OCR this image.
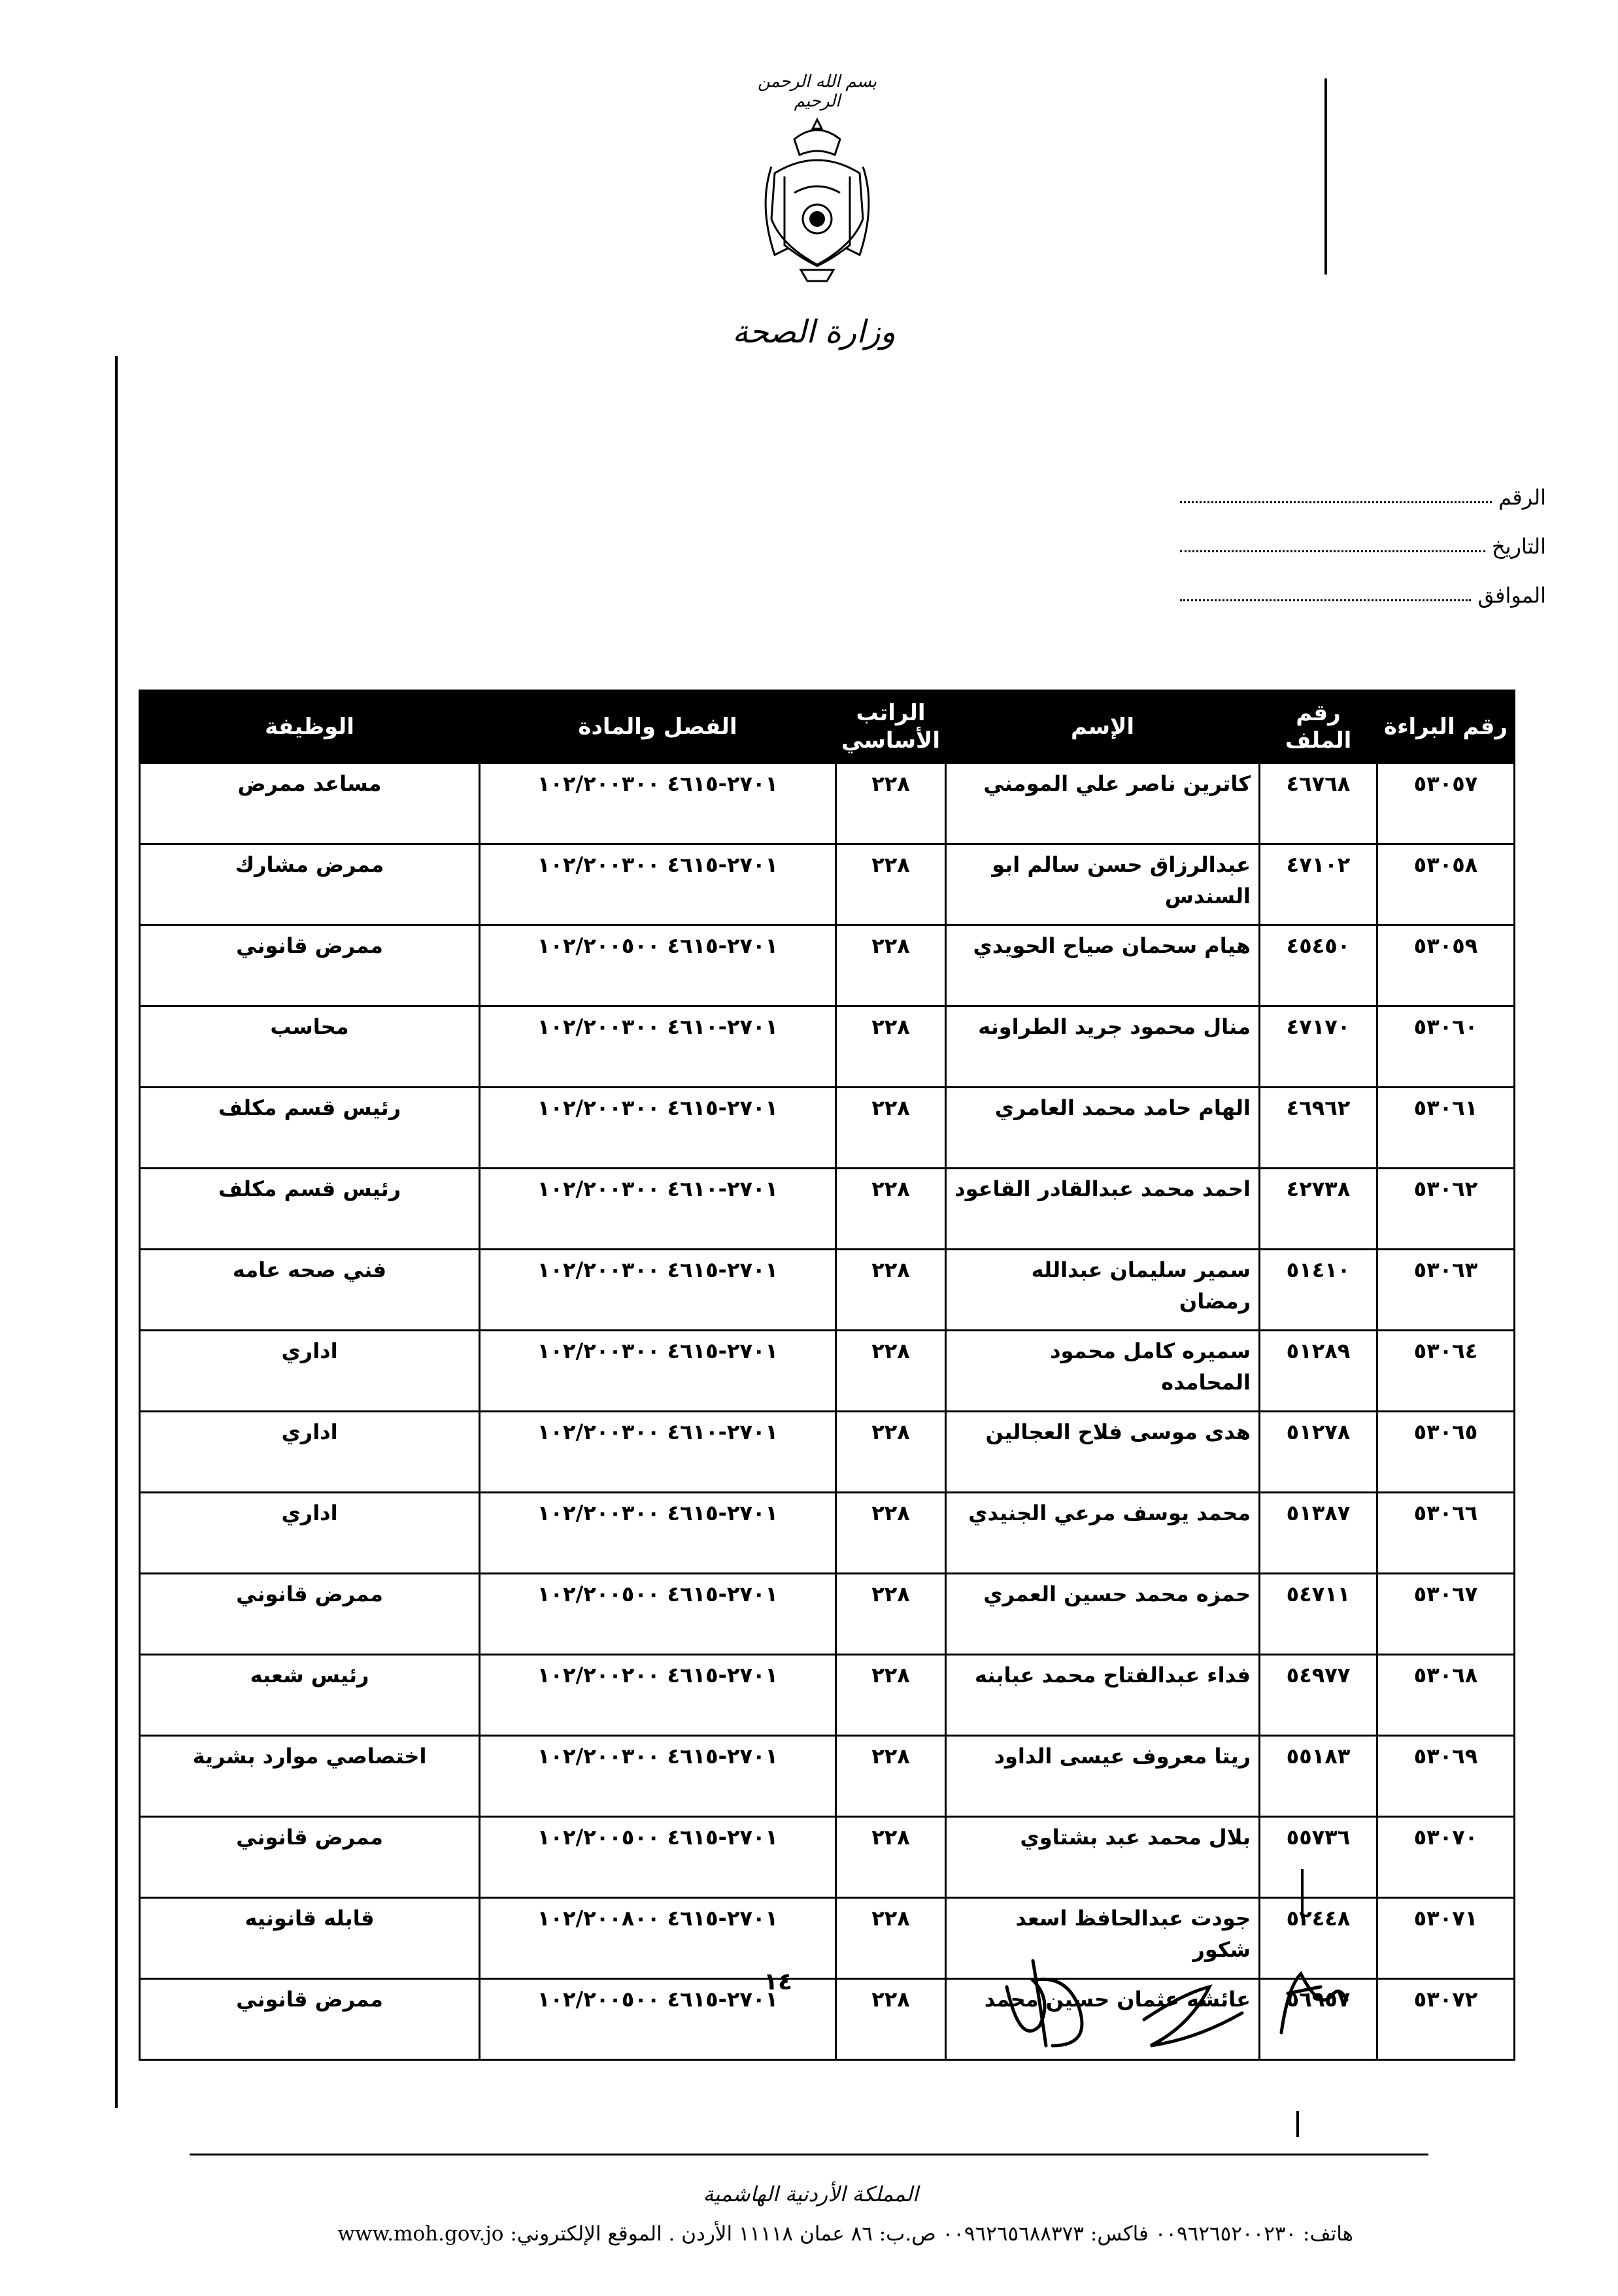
بسم الله الرحمن الرحيم
وزارة الصحة
الرقم
التاريخ
الموافق
رقم البراءة	رقم الملف	الإسم	الراتب الأساسي	الفصل والمادة	الوظيفة
٥٣٠٥٧	٤٦٧٦٨	كاترين ناصر علي المومني	٢٢٨	٢٧٠١-٤٦١٥ ١٠٢/٢٠٠٣٠٠	مساعد ممرض
٥٣٠٥٨	٤٧١٠٢	عبدالرزاق حسن سالم ابو السندس	٢٢٨	٢٧٠١-٤٦١٥ ١٠٢/٢٠٠٣٠٠	ممرض مشارك
٥٣٠٥٩	٤٥٤٥٠	هيام سحمان صياح الحويدي	٢٢٨	٢٧٠١-٤٦١٥ ١٠٢/٢٠٠٥٠٠	ممرض قانوني
٥٣٠٦٠	٤٧١٧٠	منال محمود جريد الطراونه	٢٢٨	٢٧٠١-٤٦١٠ ١٠٢/٢٠٠٣٠٠	محاسب
٥٣٠٦١	٤٦٩٦٢	الهام حامد محمد العامري	٢٢٨	٢٧٠١-٤٦١٥ ١٠٢/٢٠٠٣٠٠	رئيس قسم مكلف
٥٣٠٦٢	٤٢٧٣٨	احمد محمد عبدالقادر القاعود	٢٢٨	٢٧٠١-٤٦١٠ ١٠٢/٢٠٠٣٠٠	رئيس قسم مكلف
٥٣٠٦٣	٥١٤١٠	سمير سليمان عبدالله رمضان	٢٢٨	٢٧٠١-٤٦١٥ ١٠٢/٢٠٠٣٠٠	فني صحه عامه
٥٣٠٦٤	٥١٢٨٩	سميره كامل محمود المحامده	٢٢٨	٢٧٠١-٤٦١٥ ١٠٢/٢٠٠٣٠٠	اداري
٥٣٠٦٥	٥١٢٧٨	هدى موسى فلاح العجالين	٢٢٨	٢٧٠١-٤٦١٠ ١٠٢/٢٠٠٣٠٠	اداري
٥٣٠٦٦	٥١٣٨٧	محمد يوسف مرعي الجنيدي	٢٢٨	٢٧٠١-٤٦١٥ ١٠٢/٢٠٠٣٠٠	اداري
٥٣٠٦٧	٥٤٧١١	حمزه محمد حسين العمري	٢٢٨	٢٧٠١-٤٦١٥ ١٠٢/٢٠٠٥٠٠	ممرض قانوني
٥٣٠٦٨	٥٤٩٧٧	فداء عبدالفتاح محمد عبابنه	٢٢٨	٢٧٠١-٤٦١٥ ١٠٢/٢٠٠٢٠٠	رئيس شعبه
٥٣٠٦٩	٥٥١٨٣	ريتا معروف عيسى الداود	٢٢٨	٢٧٠١-٤٦١٥ ١٠٢/٢٠٠٣٠٠	اختصاصي موارد بشرية
٥٣٠٧٠	٥٥٧٣٦	بلال محمد عبد بشتاوي	٢٢٨	٢٧٠١-٤٦١٥ ١٠٢/٢٠٠٥٠٠	ممرض قانوني
٥٣٠٧١	٥٢٤٤٨	جودت عبدالحافظ اسعد شكور	٢٢٨	٢٧٠١-٤٦١٥ ١٠٢/٢٠٠٨٠٠	قابله قانونيه
٥٣٠٧٢	٥٦٩٥٧	عائشه عثمان حسين محمد	٢٢٨	٢٧٠١-٤٦١٥ ١٠٢/٢٠٠٥٠٠	ممرض قانوني
١٤
المملكة الأردنية الهاشمية
هاتف: ٠٠٩٦٢٦٥٢٠٠٢٣٠ فاكس: ٠٠٩٦٢٦٥٦٨٨٣٧٣ ص.ب: ٨٦ عمان ١١١١٨ الأردن . الموقع الإلكتروني: www.moh.gov.jo
